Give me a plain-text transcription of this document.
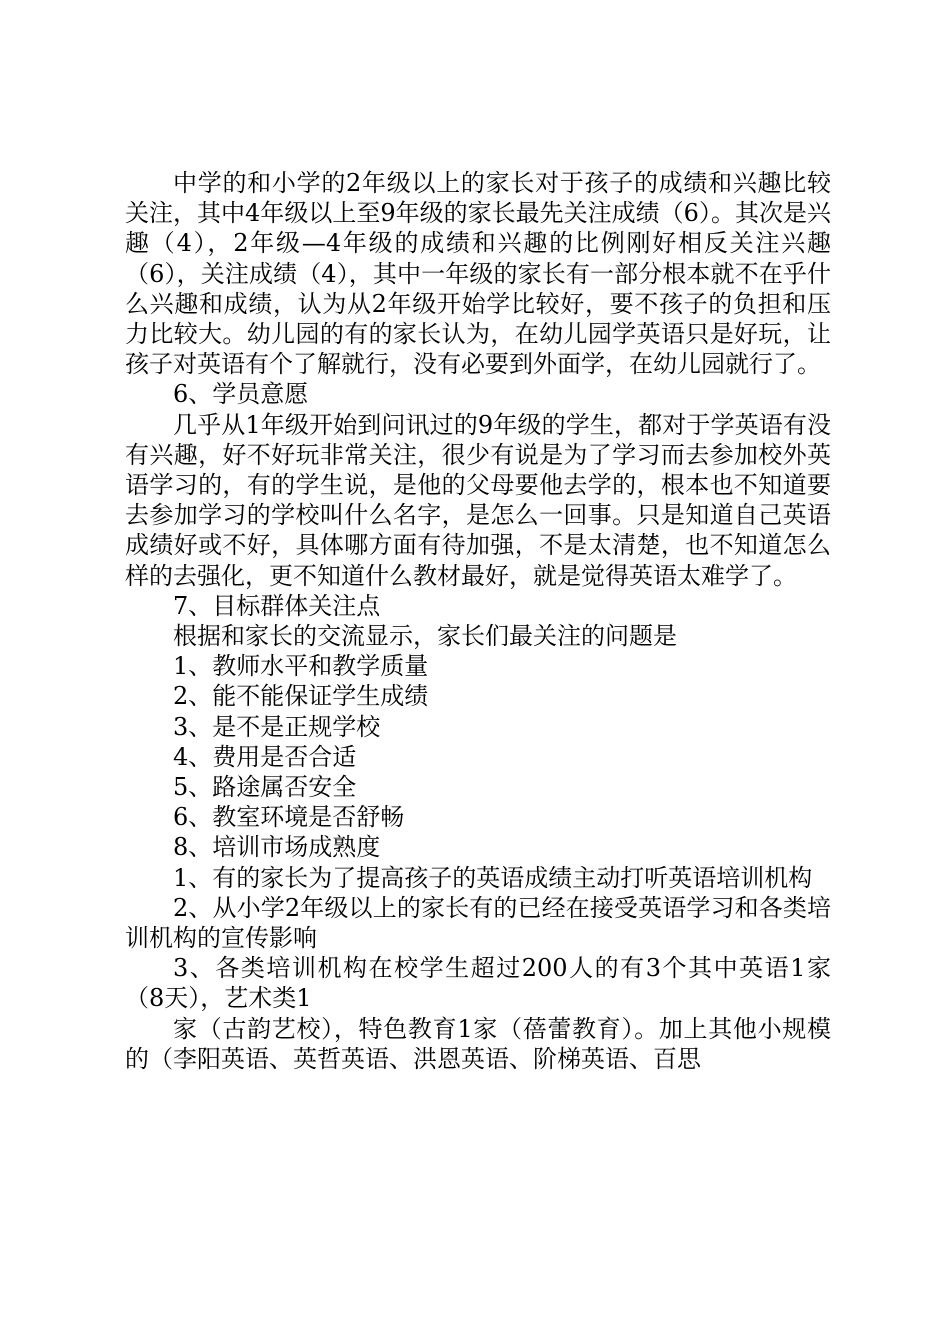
中学的和小学的2年级以上的家长对于孩子的成绩和兴趣比较关注，其中4年级以上至9年级的家长最先关注成绩（6）。其次是兴趣（4），2年级—4年级的成绩和兴趣的比例刚好相反关注兴趣（6），关注成绩（4），其中一年级的家长有一部分根本就不在乎什么兴趣和成绩，认为从2年级开始学比较好，要不孩子的负担和压力比较大。幼儿园的有的家长认为，在幼儿园学英语只是好玩，让孩子对英语有个了解就行，没有必要到外面学，在幼儿园就行了。

6、学员意愿

几乎从1年级开始到问讯过的9年级的学生，都对于学英语有没有兴趣，好不好玩非常关注，很少有说是为了学习而去参加校外英语学习的，有的学生说，是他的父母要他去学的，根本也不知道要去参加学习的学校叫什么名字，是怎么一回事。只是知道自己英语成绩好或不好，具体哪方面有待加强，不是太清楚，也不知道怎么样的去强化，更不知道什么教材最好，就是觉得英语太难学了。

7、目标群体关注点

根据和家长的交流显示，家长们最关注的问题是

1、教师水平和教学质量

2、能不能保证学生成绩

3、是不是正规学校

4、费用是否合适

5、路途属否安全

6、教室环境是否舒畅

8、培训市场成熟度

1、有的家长为了提高孩子的英语成绩主动打听英语培训机构

2、从小学2年级以上的家长有的已经在接受英语学习和各类培训机构的宣传影响

3、各类培训机构在校学生超过200人的有3个其中英语1家（8天），艺术类1

家（古韵艺校），特色教育1家（蓓蕾教育）。加上其他小规模的（李阳英语、英哲英语、洪恩英语、阶梯英语、百思
